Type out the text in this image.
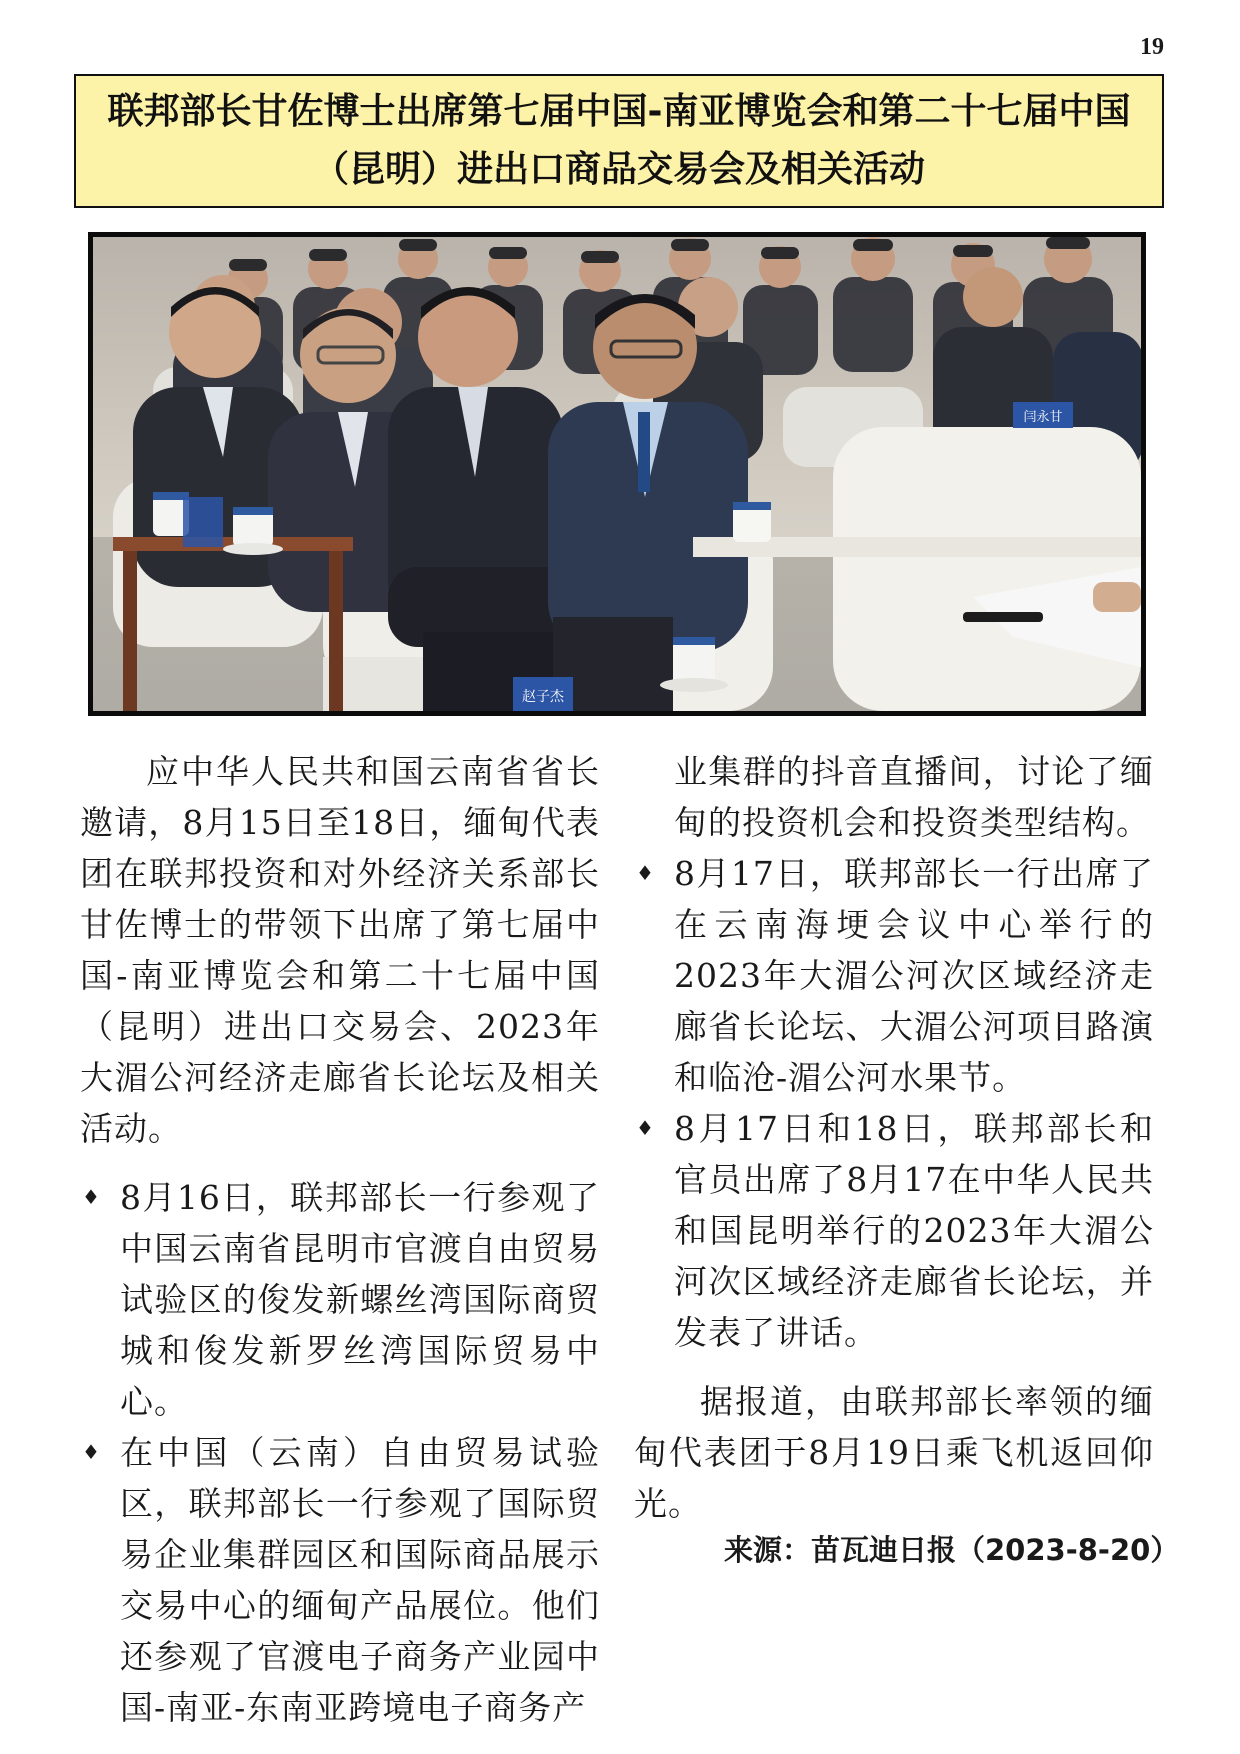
19
联邦部长甘佐博士出席第七届中国-南亚博览会和第二十七届中国
（昆明）进出口商品交易会及相关活动
赵子杰
闫永甘

应中华人民共和国云南省省长邀请，8月15日至18日，缅甸代表团在联邦投资和对外经济关系部长甘佐博士的带领下出席了第七届中国-南亚博览会和第二十七届中国（昆明）进出口交易会、2023年大湄公河经济走廊省长论坛及相关活动。

♦ 8月16日，联邦部长一行参观了中国云南省昆明市官渡自由贸易试验区的俊发新螺丝湾国际商贸城和俊发新罗丝湾国际贸易中心。

♦ 在中国（云南）自由贸易试验区，联邦部长一行参观了国际贸易企业集群园区和国际商品展示交易中心的缅甸产品展位。他们还参观了官渡电子商务产业园中国-南亚-东南亚跨境电子商务产

业集群的抖音直播间，讨论了缅甸的投资机会和投资类型结构。

♦ 8月17日，联邦部长一行出席了在云南海埂会议中心举行的2023年大湄公河次区域经济走廊省长论坛、大湄公河项目路演和临沧-湄公河水果节。

♦ 8月17日和18日，联邦部长和官员出席了8月17在中华人民共和国昆明举行的2023年大湄公河次区域经济走廊省长论坛，并发表了讲话。

据报道，由联邦部长率领的缅甸代表团于8月19日乘飞机返回仰光。

来源：苗瓦迪日报（2023-8-20）
